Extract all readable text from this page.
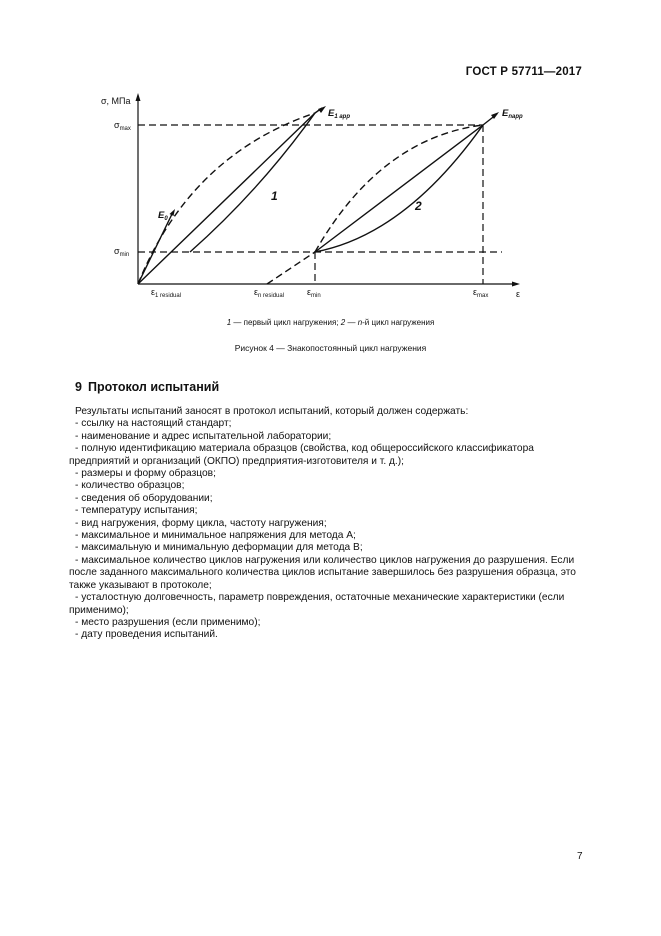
ГОСТ Р 57711—2017
σ, МПа
ε
$\sigma_{max}$
$\sigma_{min}$
$\varepsilon_{1 residual}$	$\varepsilon_{n residual}$	$\varepsilon_{min}$	$\varepsilon_{max}$
$E_0$
$E_{1 app}$	$E_{napp}$
1
2
1 — первый цикл нагружения; 2 — n-й цикл нагружения
Рисунок 4 — Знакопостоянный цикл нагружения
9 Протокол испытаний

Результаты испытаний заносят в протокол испытаний, который должен содержать:

- ссылку на настоящий стандарт;

- наименование и адрес испытательной лаборатории;

- полную идентификацию материала образцов (свойства, код общероссийского классификатора предприятий и организаций (ОКПО) предприятия-изготовителя и т. д.);

- размеры и форму образцов;

- количество образцов;

- сведения об оборудовании;

- температуру испытания;

- вид нагружения, форму цикла, частоту нагружения;

- максимальное и минимальное напряжения для метода А;

- максимальную и минимальную деформации для метода В;

- максимальное количество циклов нагружения или количество циклов нагружения до разрушения. Если после заданного максимального количества циклов испытание завершилось без разрушения образца, это также указывают в протоколе;

- усталостную долговечность, параметр повреждения, остаточные механические характеристики (если применимо);

- место разрушения (если применимо);

- дату проведения испытаний.

7
